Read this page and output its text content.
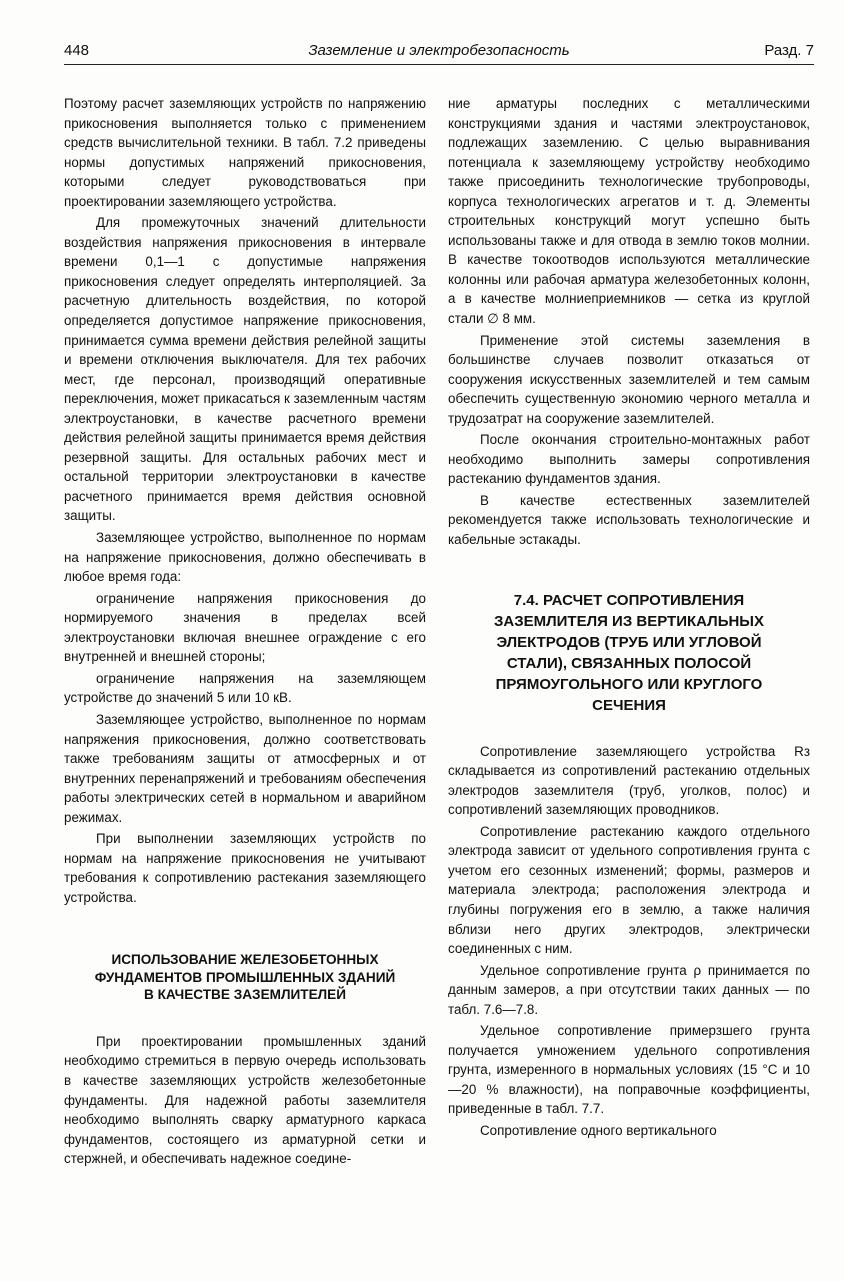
448	Заземление и электробезопасность	Разд. 7

Поэтому расчет заземляющих устройств по напряжению прикосновения выполняется только с применением средств вычислительной техники. В табл. 7.2 приведены нормы допустимых напряжений прикосновения, которыми следует руководствоваться при проектировании заземляющего устройства.

Для промежуточных значений длительности воздействия напряжения прикосновения в интервале времени 0,1—1 с допустимые напряжения прикосновения следует определять интерполяцией. За расчетную длительность воздействия, по которой определяется допустимое напряжение прикосновения, принимается сумма времени действия релейной защиты и времени отключения выключателя. Для тех рабочих мест, где персонал, производящий оперативные переключения, может прикасаться к заземленным частям электроустановки, в качестве расчетного времени действия релейной защиты принимается время действия резервной защиты. Для остальных рабочих мест и остальной территории электроустановки в качестве расчетного принимается время действия основной защиты.

Заземляющее устройство, выполненное по нормам на напряжение прикосновения, должно обеспечивать в любое время года:

ограничение напряжения прикосновения до нормируемого значения в пределах всей электроустановки включая внешнее ограждение с его внутренней и внешней стороны;

ограничение напряжения на заземляющем устройстве до значений 5 или 10 кВ.

Заземляющее устройство, выполненное по нормам напряжения прикосновения, должно соответствовать также требованиям защиты от атмосферных и от внутренних перенапряжений и требованиям обеспечения работы электрических сетей в нормальном и аварийном режимах.

При выполнении заземляющих устройств по нормам на напряжение прикосновения не учитывают требования к сопротивлению растекания заземляющего устройства.

ИСПОЛЬЗОВАНИЕ ЖЕЛЕЗОБЕТОННЫХ
ФУНДАМЕНТОВ ПРОМЫШЛЕННЫХ ЗДАНИЙ
В КАЧЕСТВЕ ЗАЗЕМЛИТЕЛЕЙ

При проектировании промышленных зданий необходимо стремиться в первую очередь использовать в качестве заземляющих устройств железобетонные фундаменты. Для надежной работы заземлителя необходимо выполнять сварку арматурного каркаса фундаментов, состоящего из арматурной сетки и стержней, и обеспечивать надежное соедине-

ние арматуры последних с металлическими конструкциями здания и частями электроустановок, подлежащих заземлению. С целью выравнивания потенциала к заземляющему устройству необходимо также присоединить технологические трубопроводы, корпуса технологических агрегатов и т. д. Элементы строительных конструкций могут успешно быть использованы также и для отвода в землю токов молнии. В качестве токоотводов используются металлические колонны или рабочая арматура железобетонных колонн, а в качестве молниеприемников — сетка из круглой стали ∅ 8 мм.

Применение этой системы заземления в большинстве случаев позволит отказаться от сооружения искусственных заземлителей и тем самым обеспечить существенную экономию черного металла и трудозатрат на сооружение заземлителей.

После окончания строительно-монтажных работ необходимо выполнить замеры сопротивления растеканию фундаментов здания.

В качестве естественных заземлителей рекомендуется также использовать технологические и кабельные эстакады.

7.4. РАСЧЕТ СОПРОТИВЛЕНИЯ
ЗАЗЕМЛИТЕЛЯ ИЗ ВЕРТИКАЛЬНЫХ
ЭЛЕКТРОДОВ (ТРУБ ИЛИ УГЛОВОЙ
СТАЛИ), СВЯЗАННЫХ ПОЛОСОЙ
ПРЯМОУГОЛЬНОГО ИЛИ КРУГЛОГО
СЕЧЕНИЯ

Сопротивление заземляющего устройства Rз складывается из сопротивлений растеканию отдельных электродов заземлителя (труб, уголков, полос) и сопротивлений заземляющих проводников.

Сопротивление растеканию каждого отдельного электрода зависит от удельного сопротивления грунта с учетом его сезонных изменений; формы, размеров и материала электрода; расположения электрода и глубины погружения его в землю, а также наличия вблизи него других электродов, электрически соединенных с ним.

Удельное сопротивление грунта ρ принимается по данным замеров, а при отсутствии таких данных — по табл. 7.6—7.8.

Удельное сопротивление примерзшего грунта получается умножением удельного сопротивления грунта, измеренного в нормальных условиях (15 °С и 10—20 % влажности), на поправочные коэффициенты, приведенные в табл. 7.7.

Сопротивление одного вертикального
